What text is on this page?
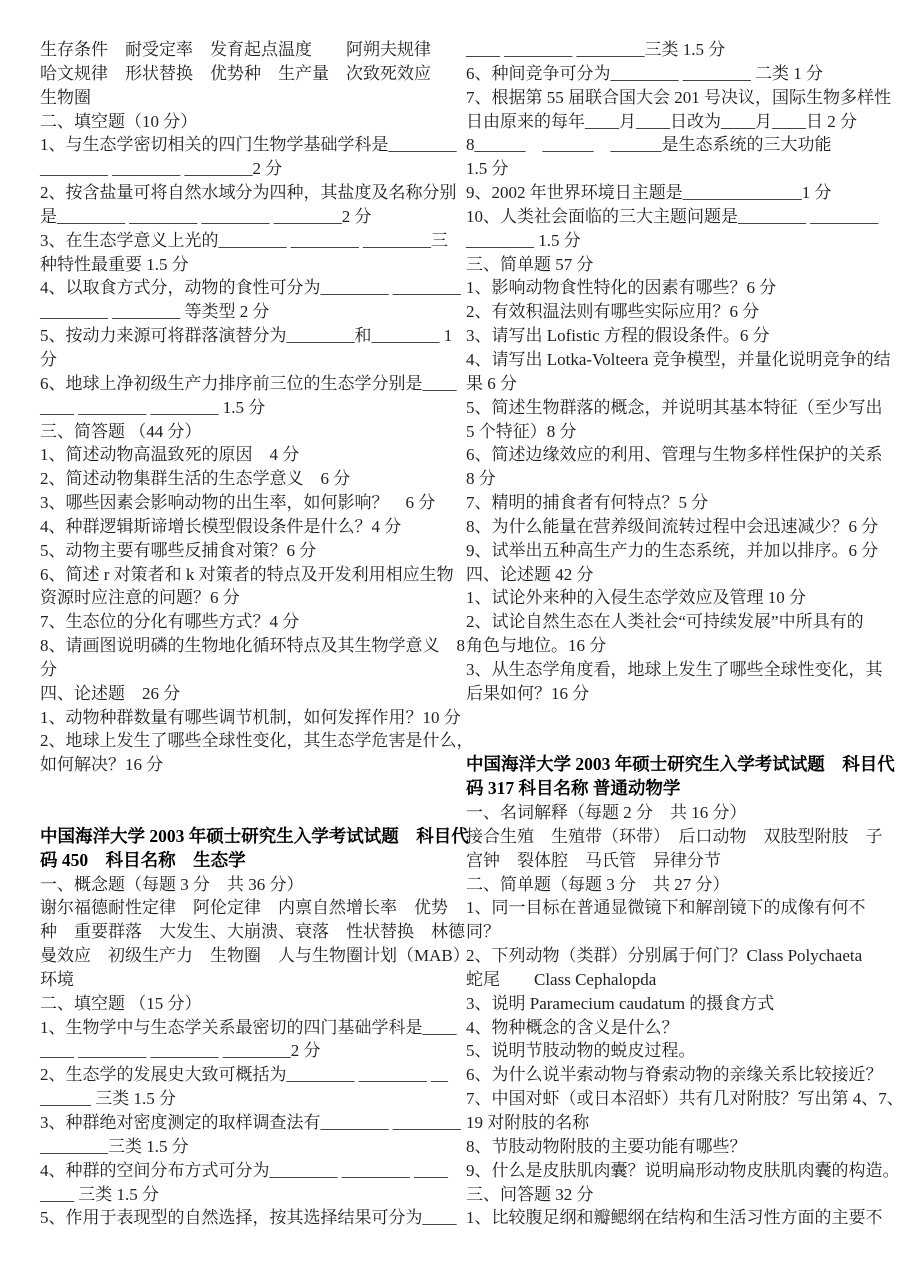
生存条件　耐受定率　发育起点温度　　阿朔夫规律
哈文规律　形状替换　优势种　生产量　次致死效应
生物圈
二、填空题（10 分）
1、与生态学密切相关的四门生物学基础学科是________
________ ________ ________2 分
2、按含盐量可将自然水域分为四种，其盐度及名称分别
是________ ________ ________ ________2 分
3、在生态学意义上光的________ ________ ________三
种特性最重要 1.5 分
4、以取食方式分，动物的食性可分为________ ________
________ ________ 等类型 2 分
5、按动力来源可将群落演替分为________和________ 1
分
6、地球上净初级生产力排序前三位的生态学分别是____
____ ________ ________ 1.5 分
三、简答题 （44 分）
1、简述动物高温致死的原因　4 分
2、简述动物集群生活的生态学意义　6 分
3、哪些因素会影响动物的出生率，如何影响？　6 分
4、种群逻辑斯谛增长模型假设条件是什么？4 分
5、动物主要有哪些反捕食对策？6 分
6、简述 r 对策者和 k 对策者的特点及开发利用相应生物
资源时应注意的问题？6 分
7、生态位的分化有哪些方式？4 分
8、请画图说明磷的生物地化循环特点及其生物学意义　8
分
四、论述题　26 分
1、动物种群数量有哪些调节机制，如何发挥作用？10 分
2、地球上发生了哪些全球性变化，其生态学危害是什么，
如何解决？16 分
中国海洋大学 2003 年硕士研究生入学考试试题　科目代
码 450　科目名称　生态学
一、概念题（每题 3 分　共 36 分）
谢尔福德耐性定律　阿伦定律　内禀自然增长率　优势
种　重要群落　大发生、大崩溃、衰落　性状替换　林德
曼效应　初级生产力　生物圈　人与生物圈计划（MAB）
环境
二、填空题 （15 分）
1、生物学中与生态学关系最密切的四门基础学科是____
____ ________ ________ ________2 分
2、生态学的发展史大致可概括为________ ________ __
______ 三类 1.5 分
3、种群绝对密度测定的取样调查法有________ ________
________三类 1.5 分
4、种群的空间分布方式可分为________ ________ ____
____ 三类 1.5 分
5、作用于表现型的自然选择，按其选择结果可分为____
____ ________ ________三类 1.5 分
6、种间竞争可分为________ ________ 二类 1 分
7、根据第 55 届联合国大会 201 号决议，国际生物多样性
日由原来的每年____月____日改为____月____日 2 分
8______　______　______是生态系统的三大功能
1.5 分
9、2002 年世界环境日主题是______________1 分
10、人类社会面临的三大主题问题是________ ________
________ 1.5 分
三、简单题 57 分
1、影响动物食性特化的因素有哪些？6 分
2、有效积温法则有哪些实际应用？6 分
3、请写出 Lofistic 方程的假设条件。6 分
4、请写出 Lotka-Volteera 竞争模型，并量化说明竞争的结
果 6 分
5、简述生物群落的概念，并说明其基本特征（至少写出
5 个特征）8 分
6、简述边缘效应的利用、管理与生物多样性保护的关系
8 分
7、精明的捕食者有何特点？5 分
8、为什么能量在营养级间流转过程中会迅速减少？6 分
9、试举出五种高生产力的生态系统，并加以排序。6 分
四、论述题 42 分
1、试论外来种的入侵生态学效应及管理 10 分
2、试论自然生态在人类社会“可持续发展”中所具有的
角色与地位。16 分
3、从生态学角度看，地球上发生了哪些全球性变化，其
后果如何？16 分
中国海洋大学 2003 年硕士研究生入学考试试题　科目代
码 317 科目名称 普通动物学
一、名词解释（每题 2 分　共 16 分）
接合生殖　生殖带（环带）　后口动物　双肢型附肢　子
宫钟　裂体腔　马氏管　异律分节
二、简单题（每题 3 分　共 27 分）
1、同一目标在普通显微镜下和解剖镜下的成像有何不
同？
2、下列动物（类群）分别属于何门？Class Polychaeta
蛇尾　　Class Cephalopda
3、说明 Paramecium caudatum 的摄食方式
4、物种概念的含义是什么？
5、说明节肢动物的蜕皮过程。
6、为什么说半索动物与脊索动物的亲缘关系比较接近？
7、中国对虾（或日本沼虾）共有几对附肢？写出第 4、7、
19 对附肢的名称
8、节肢动物附肢的主要功能有哪些？
9、什么是皮肤肌肉囊？说明扁形动物皮肤肌肉囊的构造。
三、问答题 32 分
1、比较腹足纲和瓣鳃纲在结构和生活习性方面的主要不
